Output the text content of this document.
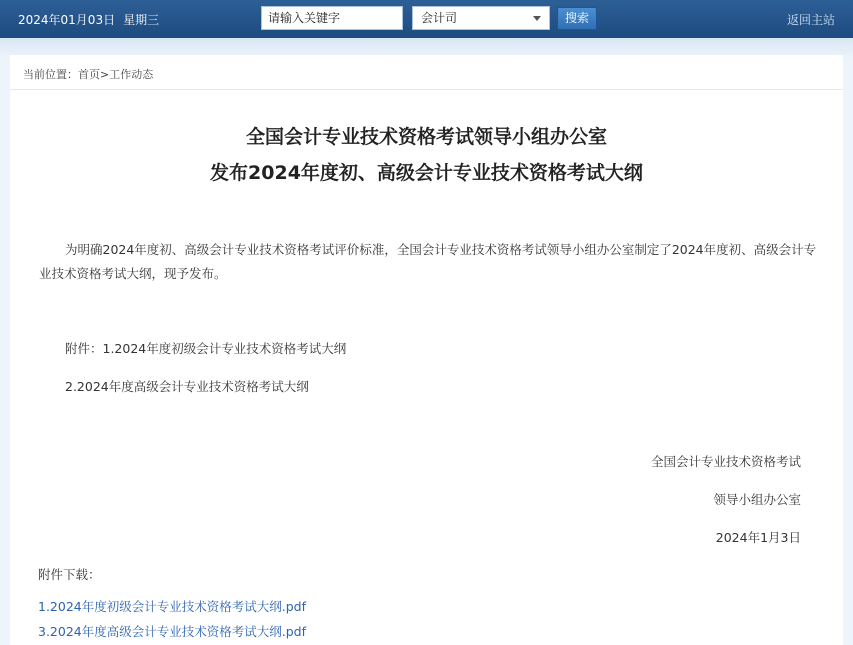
2024年01月03日 星期三	请输入关键字	会计司	搜索	返回主站
当前位置：首页>工作动态
全国会计专业技术资格考试领导小组办公室
发布2024年度初、高级会计专业技术资格考试大纲
为明确2024年度初、高级会计专业技术资格考试评价标准，全国会计专业技术资格考试领导小组办公室制定了2024年度初、高级会计专业技术资格考试大纲，现予发布。
附件：1.2024年度初级会计专业技术资格考试大纲
2.2024年度高级会计专业技术资格考试大纲
全国会计专业技术资格考试
领导小组办公室
2024年1月3日
附件下载：
1.2024年度初级会计专业技术资格考试大纲.pdf
3.2024年度高级会计专业技术资格考试大纲.pdf
